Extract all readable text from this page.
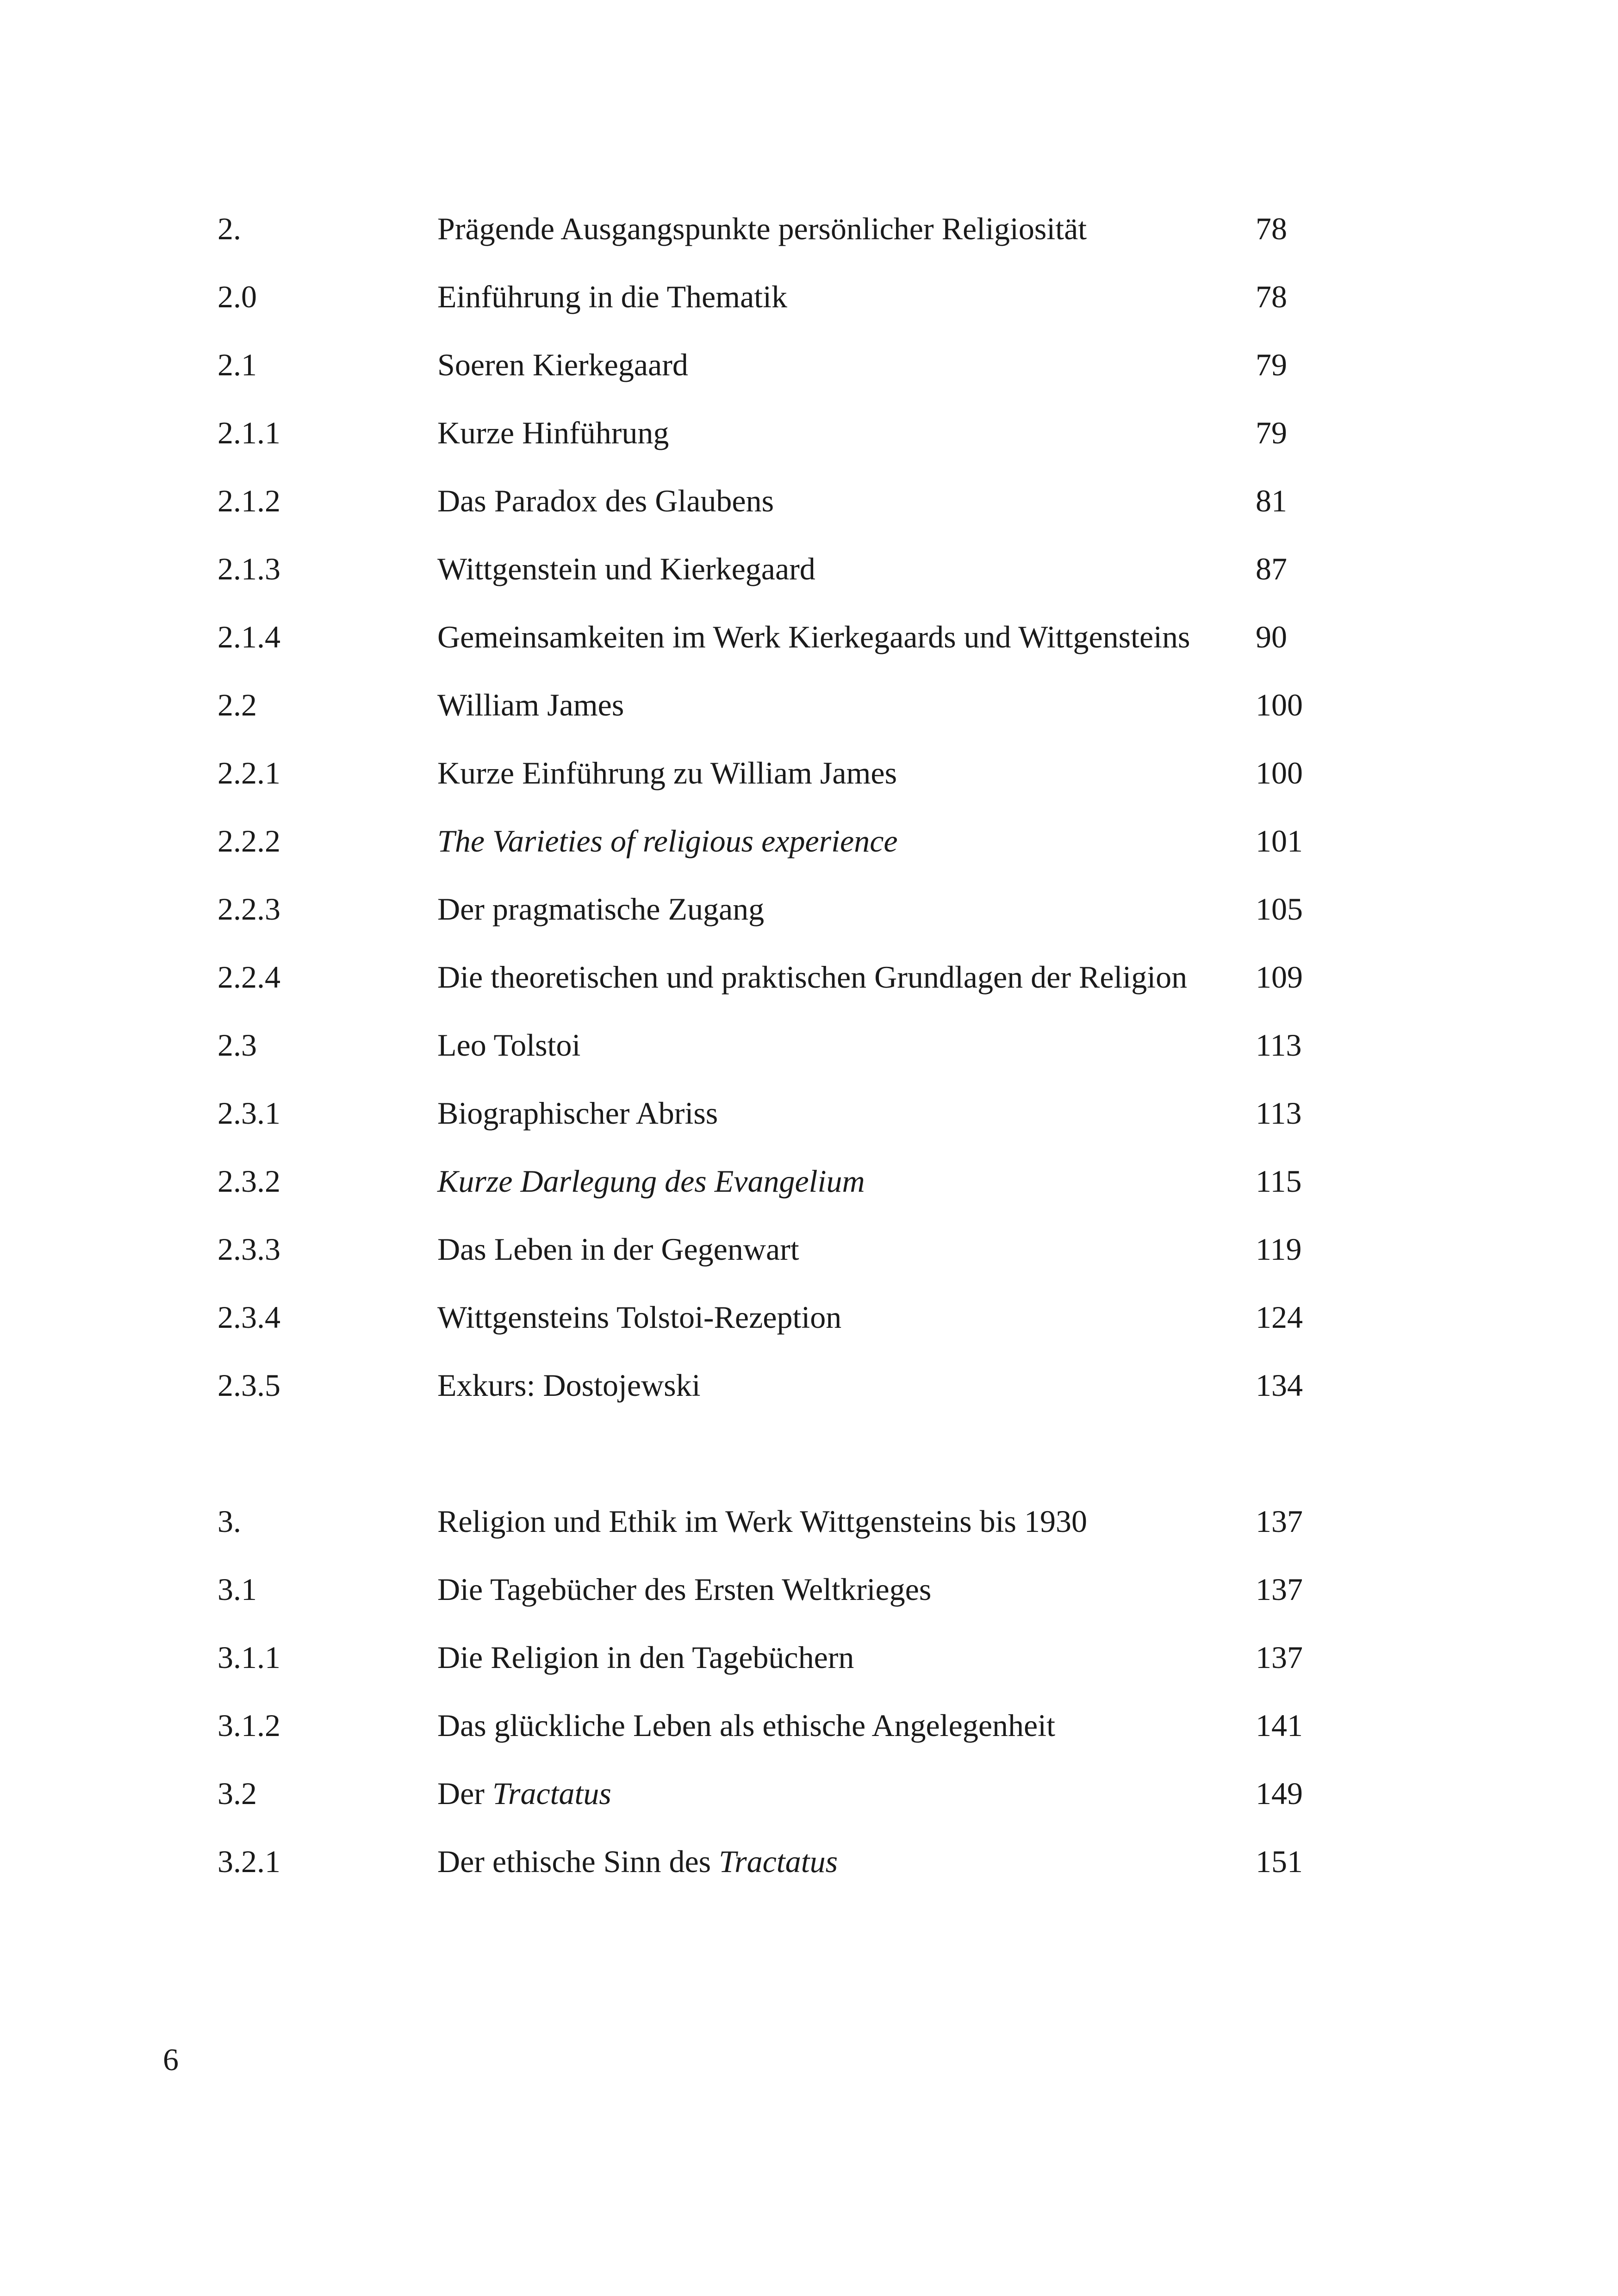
2.	Prägende Ausgangspunkte persönlicher Religiosität	78
2.0	Einführung in die Thematik	78
2.1	Soeren Kierkegaard	79
2.1.1	Kurze Hinführung	79
2.1.2	Das Paradox des Glaubens	81
2.1.3	Wittgenstein und Kierkegaard	87
2.1.4	Gemeinsamkeiten im Werk Kierkegaards und Wittgensteins 90
2.2	William James	100
2.2.1	Kurze Einführung zu William James	100
2.2.2	The Varieties of religious experience	101
2.2.3	Der pragmatische Zugang	105
2.2.4	Die theoretischen und praktischen Grundlagen der Religion 109
2.3	Leo Tolstoi	113
2.3.1	Biographischer Abriss	113
2.3.2	Kurze Darlegung des Evangelium	115
2.3.3	Das Leben in der Gegenwart	119
2.3.4	Wittgensteins Tolstoi-Rezeption	124
2.3.5	Exkurs: Dostojewski	134
3.	Religion und Ethik im Werk Wittgensteins bis 1930	137
3.1	Die Tagebücher des Ersten Weltkrieges	137
3.1.1	Die Religion in den Tagebüchern	137
3.1.2	Das glückliche Leben als ethische Angelegenheit	141
3.2	Der Tractatus	149
3.2.1	Der ethische Sinn des Tractatus	151
6
